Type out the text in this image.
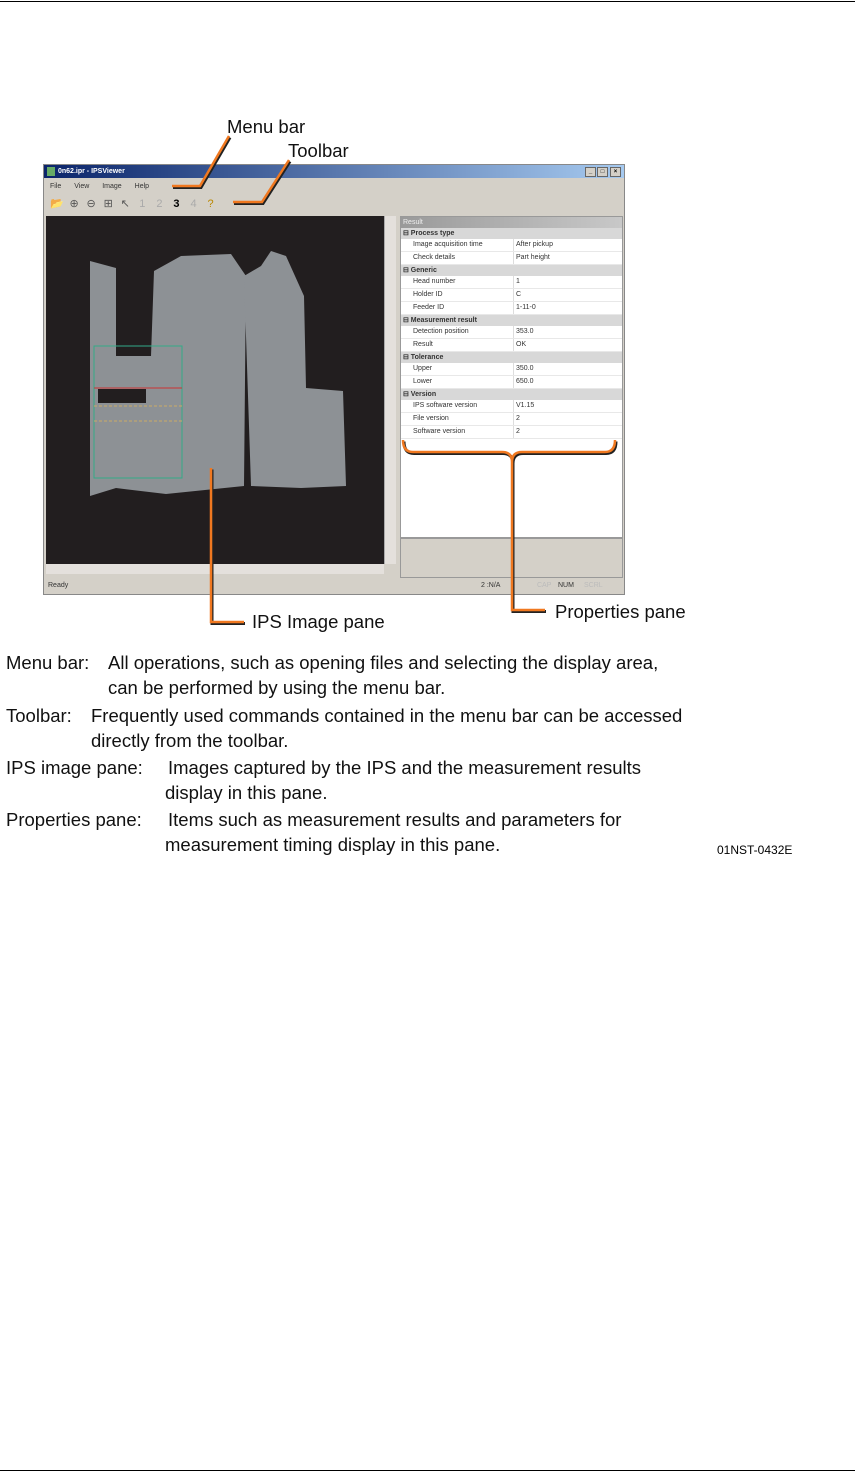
Menu bar
Toolbar
0n62.ipr - IPSViewer	_	□	×
File View Image Help
📂 ⊕ ⊖ ⊞ ↖ 1 2 3 4 ?
Result
⊟ Process type
Image acquisition time	After pickup
Check details	Part height
⊟ Generic
Head number	1
Holder ID	C
Feeder ID	1-11-0
⊟ Measurement result
Detection position	353.0
Result	OK
⊟ Tolerance
Upper	350.0
Lower	650.0
⊟ Version
IPS software version	V1.15
File version	2
Software version	2
Ready	2 :N/A	CAP NUM SCRL
IPS Image pane	Properties pane
Menu bar: All operations, such as opening files and selecting the display area,
can be performed by using the menu bar.
Toolbar: Frequently used commands contained in the menu bar can be accessed
directly from the toolbar.
IPS image pane: Images captured by the IPS and the measurement results
display in this pane.
Properties pane: Items such as measurement results and parameters for
measurement timing display in this pane.	01NST-0432E
